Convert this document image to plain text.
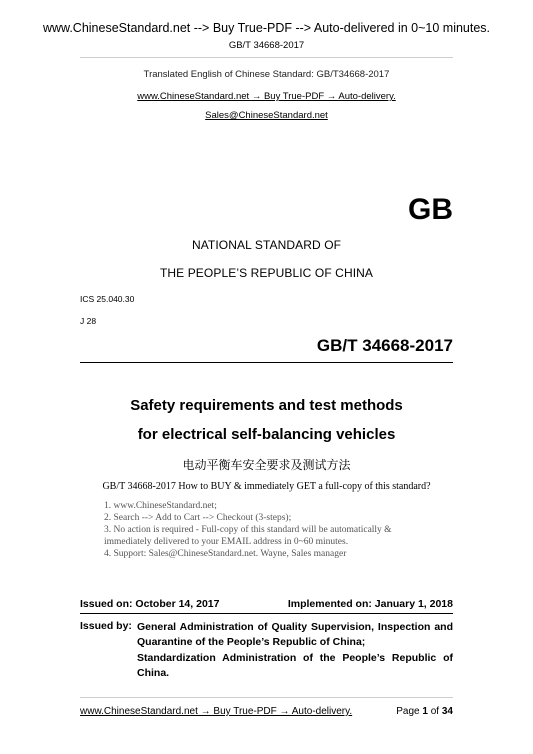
www.ChineseStandard.net --> Buy True-PDF --> Auto-delivered in 0~10 minutes.
GB/T 34668-2017
Translated English of Chinese Standard: GB/T34668-2017
www.ChineseStandard.net → Buy True-PDF → Auto-delivery.
Sales@ChineseStandard.net
GB
NATIONAL STANDARD OF
THE PEOPLE’S REPUBLIC OF CHINA
ICS 25.040.30
J 28
GB/T 34668-2017
Safety requirements and test methods
for electrical self-balancing vehicles
电动平衡车安全要求及测试方法
GB/T 34668-2017 How to BUY & immediately GET a full-copy of this standard?
1. www.ChineseStandard.net;
2. Search --> Add to Cart --> Checkout (3-steps);
3. No action is required - Full-copy of this standard will be automatically &
immediately delivered to your EMAIL address in 0~60 minutes.
4. Support: Sales@ChineseStandard.net. Wayne, Sales manager
Issued on: October 14, 2017	Implemented on: January 1, 2018
Issued by: General Administration of Quality Supervision, Inspection and Quarantine of the People’s Republic of China;
Standardization Administration of the People’s Republic of China.
www.ChineseStandard.net → Buy True-PDF → Auto-delivery.	Page 1 of 34
